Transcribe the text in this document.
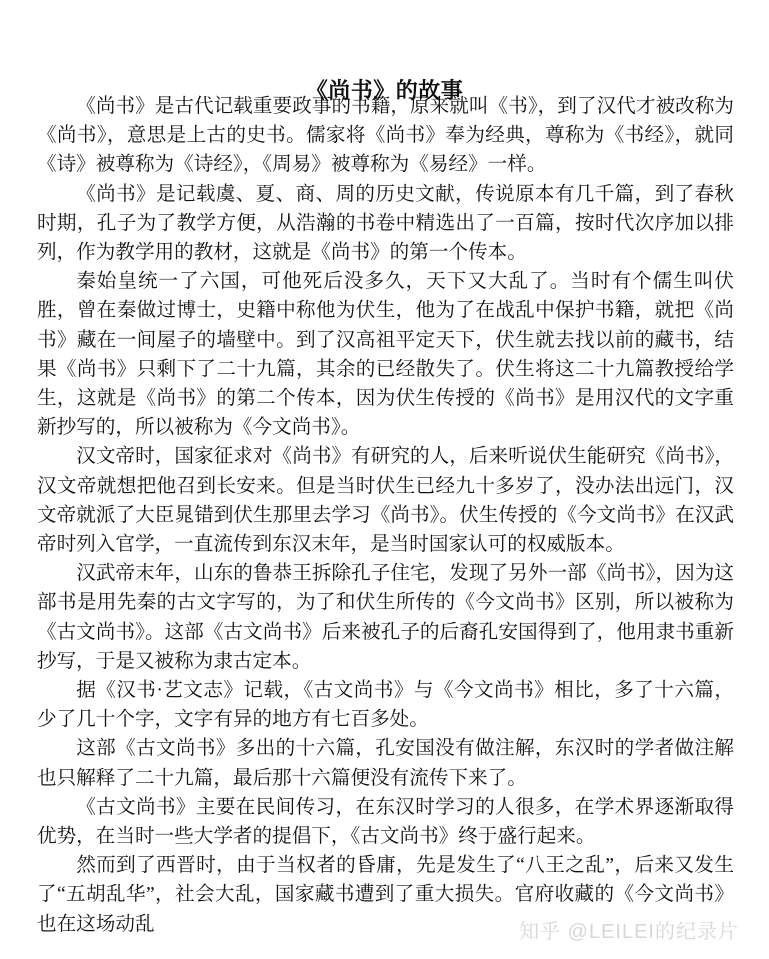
《尚书》的故事

《尚书》是古代记载重要政事的书籍，原来就叫《书》，到了汉代才被改称为《尚书》，意思是上古的史书。儒家将《尚书》奉为经典，尊称为《书经》，就同《诗》被尊称为《诗经》，《周易》被尊称为《易经》一样。

《尚书》是记载虞、夏、商、周的历史文献，传说原本有几千篇，到了春秋时期，孔子为了教学方便，从浩瀚的书卷中精选出了一百篇，按时代次序加以排列，作为教学用的教材，这就是《尚书》的第一个传本。

秦始皇统一了六国，可他死后没多久，天下又大乱了。当时有个儒生叫伏胜，曾在秦做过博士，史籍中称他为伏生，他为了在战乱中保护书籍，就把《尚书》藏在一间屋子的墙壁中。到了汉高祖平定天下，伏生就去找以前的藏书，结果《尚书》只剩下了二十九篇，其余的已经散失了。伏生将这二十九篇教授给学生，这就是《尚书》的第二个传本，因为伏生传授的《尚书》是用汉代的文字重新抄写的，所以被称为《今文尚书》。

汉文帝时，国家征求对《尚书》有研究的人，后来听说伏生能研究《尚书》，汉文帝就想把他召到长安来。但是当时伏生已经九十多岁了，没办法出远门，汉文帝就派了大臣晁错到伏生那里去学习《尚书》。伏生传授的《今文尚书》在汉武帝时列入官学，一直流传到东汉末年，是当时国家认可的权威版本。

汉武帝末年，山东的鲁恭王拆除孔子住宅，发现了另外一部《尚书》，因为这部书是用先秦的古文字写的，为了和伏生所传的《今文尚书》区别，所以被称为《古文尚书》。这部《古文尚书》后来被孔子的后裔孔安国得到了，他用隶书重新抄写，于是又被称为隶古定本。

据《汉书·艺文志》记载，《古文尚书》与《今文尚书》相比，多了十六篇，少了几十个字，文字有异的地方有七百多处。

这部《古文尚书》多出的十六篇，孔安国没有做注解，东汉时的学者做注解也只解释了二十九篇，最后那十六篇便没有流传下来了。

《古文尚书》主要在民间传习，在东汉时学习的人很多，在学术界逐渐取得优势，在当时一些大学者的提倡下，《古文尚书》终于盛行起来。

然而到了西晋时，由于当权者的昏庸，先是发生了“八王之乱”，后来又发生了“五胡乱华”，社会大乱，国家藏书遭到了重大损失。官府收藏的《今文尚书》也在这场动乱	知乎 @LEILEI的纪录片
